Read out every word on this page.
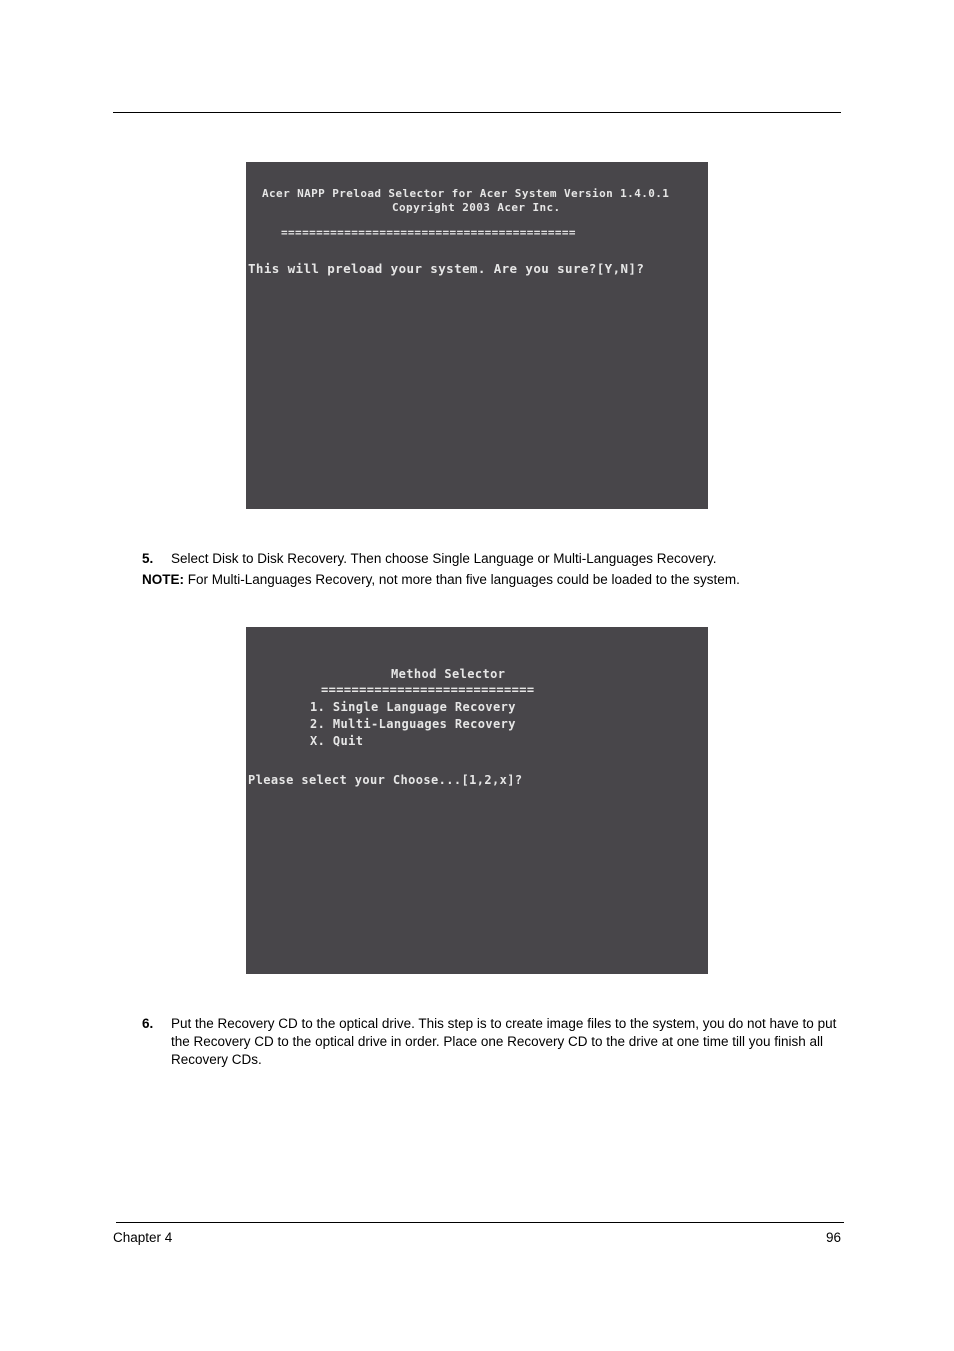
Acer NAPP Preload Selector for Acer System Version 1.4.0.1

Copyright 2003 Acer Inc.

==========================================

This will preload your system. Are you sure?[Y,N]?

5. Select Disk to Disk Recovery. Then choose Single Language or Multi-Languages Recovery.
NOTE: For Multi-Languages Recovery, not more than five languages could be loaded to the system.

Method Selector

============================

1. Single Language Recovery

2. Multi-Languages Recovery

X. Quit

Please select your Choose...[1,2,x]?

6. Put the Recovery CD to the optical drive. This step is to create image files to the system, you do not have to put the Recovery CD to the optical drive in order. Place one Recovery CD to the drive at one time till you finish all Recovery CDs.
Chapter 4	96
